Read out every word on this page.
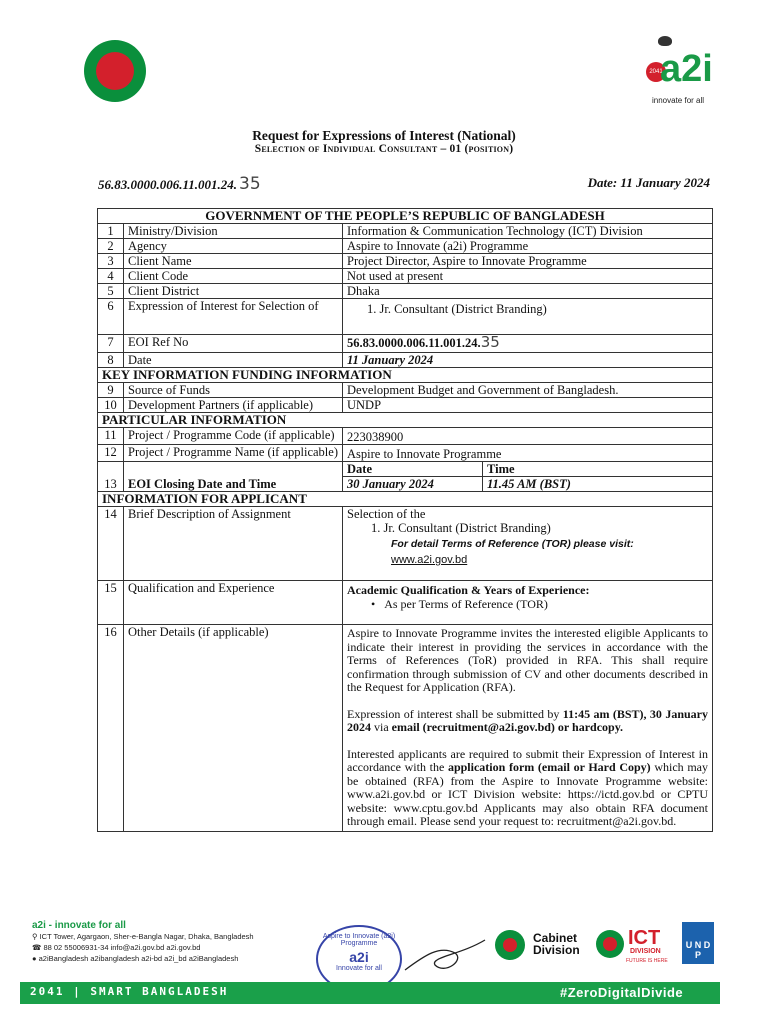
2041
a2i
innovate for all
Request for Expressions of Interest (National)
Selection of Individual Consultant – 01 (position)
56.83.0000.006.11.001.24. 35	Date: 11 January 2024
GOVERNMENT OF THE PEOPLE’S REPUBLIC OF BANGLADESH			
1	Ministry/Division	Information & Communication Technology (ICT) Division	
2	Agency	Aspire to Innovate (a2i) Programme	
3	Client Name	Project Director, Aspire to Innovate Programme	
4	Client Code	Not used at present	
5	Client District	Dhaka	
6	Expression of Interest for Selection of	1. Jr. Consultant (District Branding)	
7	EOI Ref No	56.83.0000.006.11.001.24.35	
8	Date	11 January 2024	
KEY INFORMATION FUNDING INFORMATION			
9	Source of Funds	Development Budget and Government of Bangladesh.	
10	Development Partners (if applicable)	UNDP	
PARTICULAR INFORMATION			
11	Project / Programme Code (if applicable)	223038900	
12	Project / Programme Name (if applicable)	Aspire to Innovate Programme	
		Date	Time
13	EOI Closing Date and Time	30 January 2024	11.45 AM (BST)
INFORMATION FOR APPLICANT			
14	Brief Description of Assignment	Selection of the
1. Jr. Consultant (District Branding)
For detail Terms of Reference (TOR) please visit:
www.a2i.gov.bd	

15	Qualification and Experience	Academic Qualification & Years of Experience:
•   As per Terms of Reference (TOR)	

16	Other Details (if applicable)	Aspire to Innovate Programme invites the interested eligible Applicants to indicate their interest in providing the services in accordance with the Terms of References (ToR) provided in RFA. This shall require confirmation through submission of CV and other documents described in the Request for Application (RFA).
Expression of interest shall be submitted by 11:45 am (BST), 30 January 2024 via email (recruitment@a2i.gov.bd) or hardcopy.
Interested applicants are required to submit their Expression of Interest in accordance with the application form (email or Hard Copy) which may be obtained (RFA) from the Aspire to Innovate Programme website: www.a2i.gov.bd or ICT Division website: https://ictd.gov.bd or CPTU website: www.cptu.gov.bd Applicants may also obtain RFA document through email. Please send your request to: recruitment@a2i.gov.bd.	
a2i - innovate for all
⚲ ICT Tower, Agargaon, Sher-e-Bangla Nagar, Dhaka, Bangladesh
☎ 88 02 55006931-34 info@a2i.gov.bd a2i.gov.bd
● a2iBangladesh a2ibangladesh a2i-bd a2i_bd a2iBangladesh
Aspire to Innovate (a2i) Programme
a2i
Innovate for all
Cabinet
Division
ICT
DIVISION
FUTURE IS HERE
U N D P
2041 | SMART BANGLADESH	#ZeroDigitalDivide
